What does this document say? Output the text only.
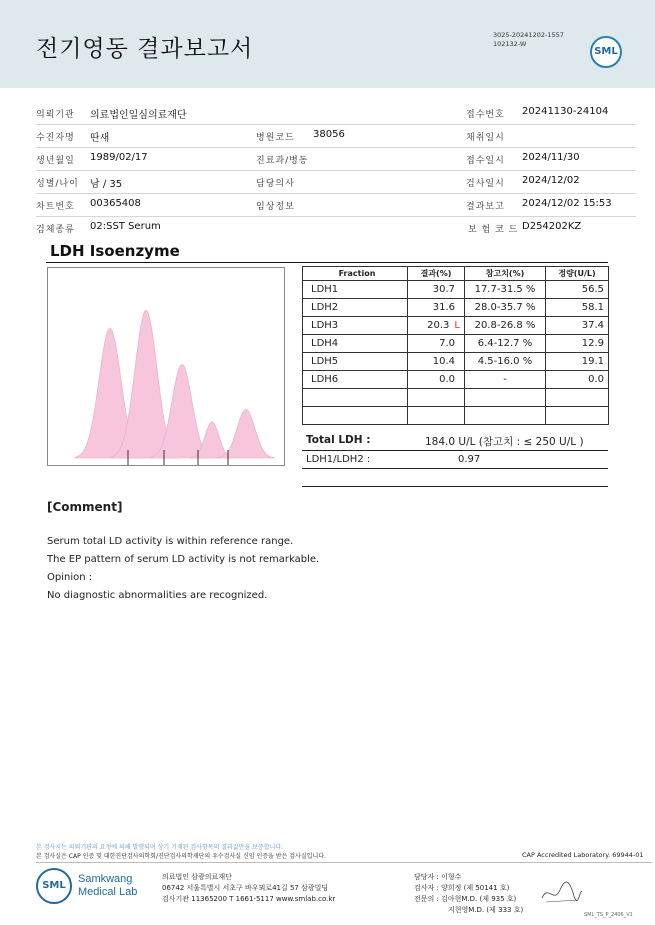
전기영동 결과보고서
3025-20241202-1557
102132-W
SML
의뢰기관 의료법인일심의료재단	접수번호 20241130-24104
수진자명 딴새	병원코드 38056	채취일시
생년월일 1989/02/17	진료과/병동	접수일시 2024/11/30
성별/나이 남 / 35	담당의사	검사일시 2024/12/02
차트번호 00365408	임상정보	결과보고 2024/12/02 15:53
검체종류 02:SST Serum	보 험 코 드 D254202KZ
LDH Isoenzyme
Fraction	결과(%)	참고치(%)	정량(U/L)
LDH1	30.7	17.7-31.5 %	56.5
LDH2	31.6	28.0-35.7 %	58.1
LDH3	20.3 L	20.8-26.8 %	37.4
LDH4	7.0	6.4-12.7 %	12.9
LDH5	10.4	4.5-16.0 %	19.1
LDH6	0.0	-	0.0

Total LDH :	184.0 U/L (참고치 : ≤ 250 U/L )
LDH1/LDH2 :	0.97
[Comment]
Serum total LD activity is within reference range.
The EP pattern of serum LD activity is not remarkable.
Opinion :
No diagnostic abnormalities are recognized.
본 검사지는 의뢰기관의 요청에 의해 발행되며 상기 기재된 검사항목의 결과값만을 보증합니다.
본 검사실은 CAP 인증 및 대한진단검사의학회/진단검사의학재단의 우수검사실 신임 인증을 받은 검사실입니다.	CAP Accredited Laboratory. 69944-01
SML
Samkwang
Medical Lab
의료법인 삼광의료재단
06742 서울특별시 서초구 바우뫼로41길 57 삼광빌딩
검사기관 11365200 T 1661-5117 www.smlab.co.kr
담당자 : 이형수
검사자 : 양희정 (제 50141 호)
전문의 : 김아현M.D. (제 935 호)
지현영M.D. (제 333 호)
SML_TS_P_2406_V1
